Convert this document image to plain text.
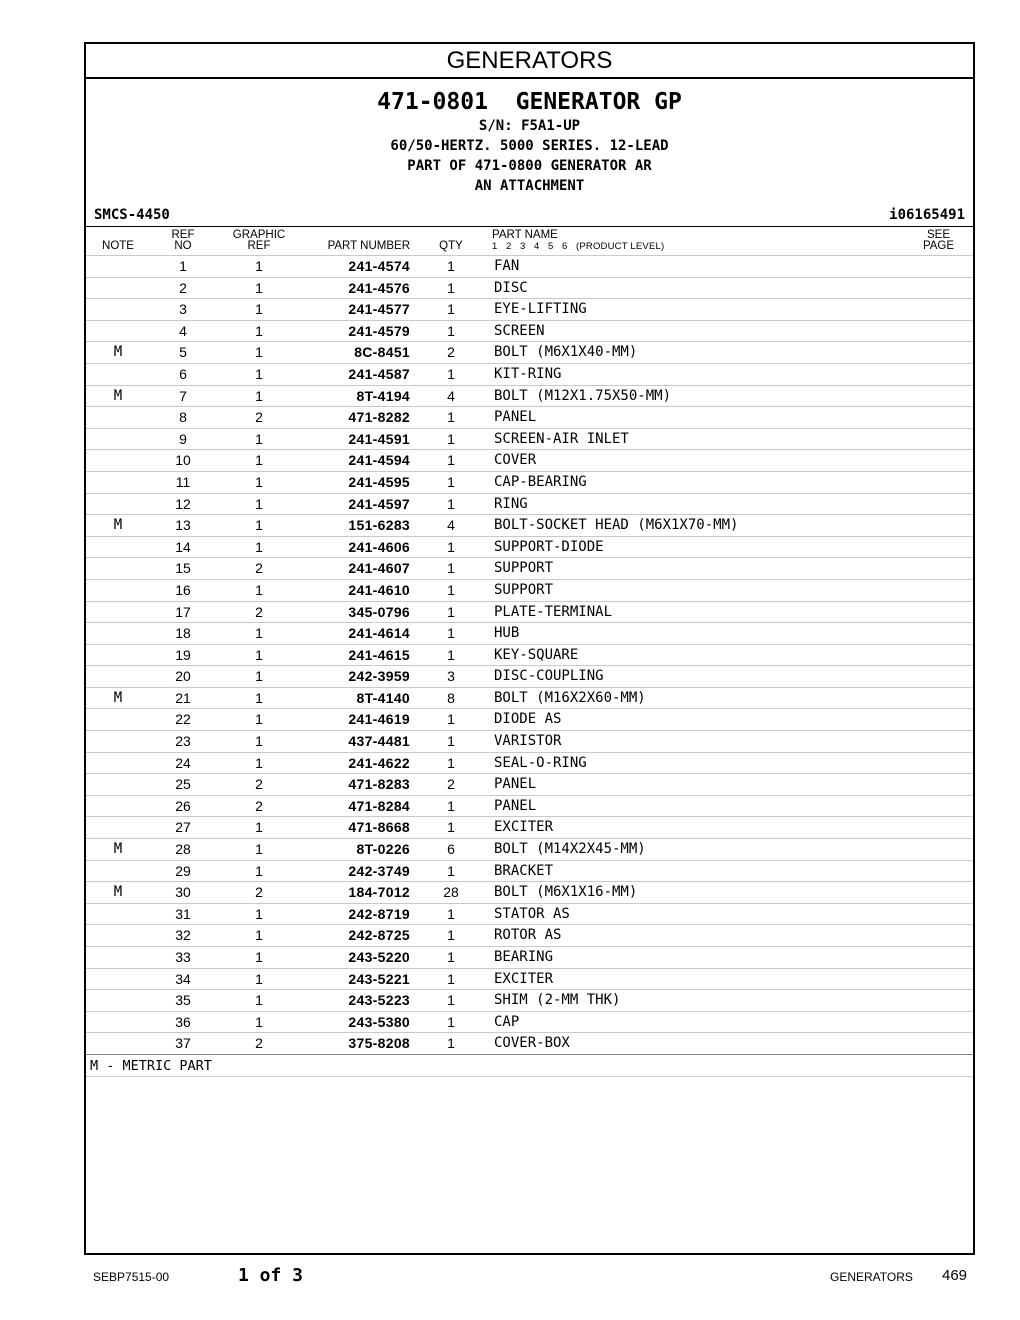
GENERATORS
471-0801  GENERATOR GP
S/N: F5A1-UP
60/50-HERTZ. 5000 SERIES. 12-LEAD
PART OF 471-0800 GENERATOR AR
AN ATTACHMENT
SMCS-4450	i06165491
NOTE
REF
NO
GRAPHIC
REF	PART NUMBER	QTY
PART NAME
1   2   3   4   5   6   (PRODUCT LEVEL)
SEE
PAGE
1	1	241-4574	1	FAN
2	1	241-4576	1	DISC
3	1	241-4577	1	EYE-LIFTING
4	1	241-4579	1	SCREEN
M	5	1	8C-8451	2	BOLT (M6X1X40-MM)
6	1	241-4587	1	KIT-RING
M	7	1	8T-4194	4	BOLT (M12X1.75X50-MM)
8	2	471-8282	1	PANEL
9	1	241-4591	1	SCREEN-AIR INLET
10	1	241-4594	1	COVER
11	1	241-4595	1	CAP-BEARING
12	1	241-4597	1	RING
M	13	1	151-6283	4	BOLT-SOCKET HEAD (M6X1X70-MM)
14	1	241-4606	1	SUPPORT-DIODE
15	2	241-4607	1	SUPPORT
16	1	241-4610	1	SUPPORT
17	2	345-0796	1	PLATE-TERMINAL
18	1	241-4614	1	HUB
19	1	241-4615	1	KEY-SQUARE
20	1	242-3959	3	DISC-COUPLING
M	21	1	8T-4140	8	BOLT (M16X2X60-MM)
22	1	241-4619	1	DIODE AS
23	1	437-4481	1	VARISTOR
24	1	241-4622	1	SEAL-O-RING
25	2	471-8283	2	PANEL
26	2	471-8284	1	PANEL
27	1	471-8668	1	EXCITER
M	28	1	8T-0226	6	BOLT (M14X2X45-MM)
29	1	242-3749	1	BRACKET
M	30	2	184-7012	28	BOLT (M6X1X16-MM)
31	1	242-8719	1	STATOR AS
32	1	242-8725	1	ROTOR AS
33	1	243-5220	1	BEARING
34	1	243-5221	1	EXCITER
35	1	243-5223	1	SHIM (2-MM THK)
36	1	243-5380	1	CAP
37	2	375-8208	1	COVER-BOX
M - METRIC PART
SEBP7515-00	1 of 3	GENERATORS 469
